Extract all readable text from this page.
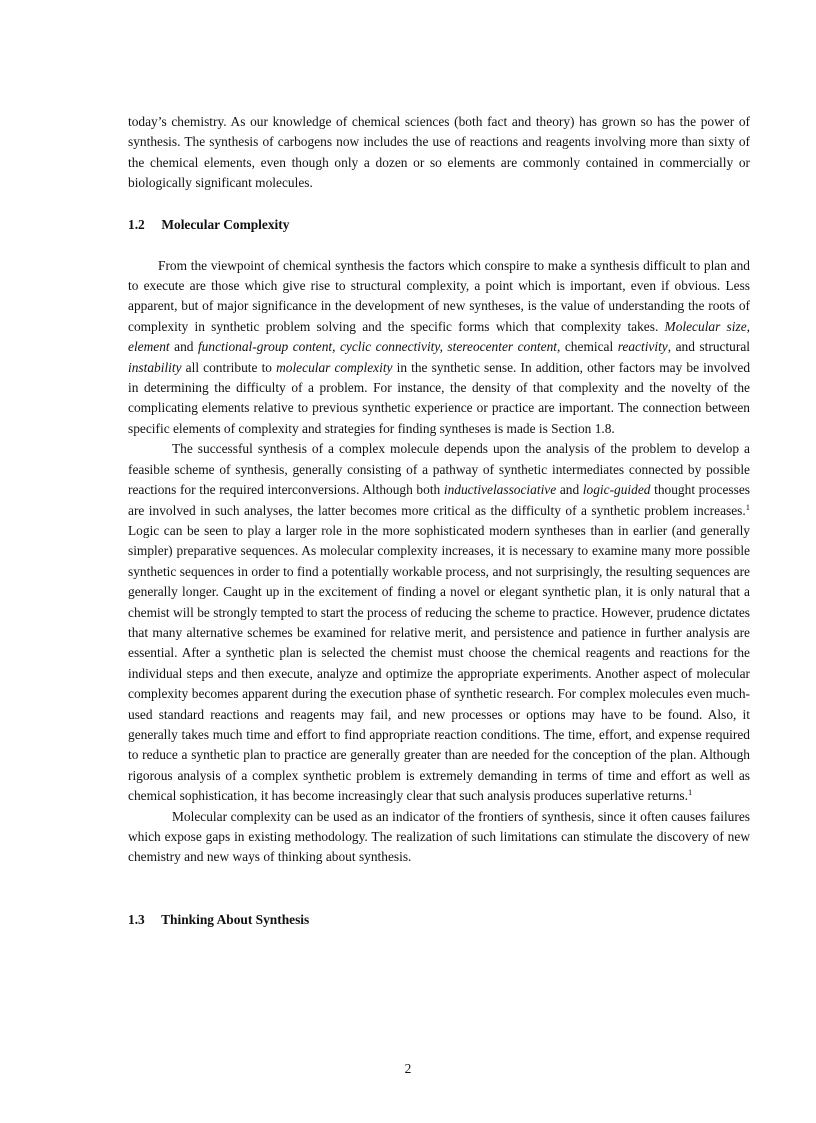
today’s chemistry. As our knowledge of chemical sciences (both fact and theory) has grown so has the power of synthesis. The synthesis of carbogens now includes the use of reactions and reagents involving more than sixty of the chemical elements, even though only a dozen or so elements are commonly contained in commercially or biologically significant molecules.

1.2 Molecular Complexity

From the viewpoint of chemical synthesis the factors which conspire to make a synthesis difficult to plan and to execute are those which give rise to structural complexity, a point which is important, even if obvious. Less apparent, but of major significance in the development of new syntheses, is the value of understanding the roots of complexity in synthetic problem solving and the specific forms which that complexity takes. Molecular size, element and functional-group content, cyclic connectivity, stereocenter content, chemical reactivity, and structural instability all contribute to molecular complexity in the synthetic sense. In addition, other factors may be involved in determining the difficulty of a problem. For instance, the density of that complexity and the novelty of the complicating elements relative to previous synthetic experience or practice are important. The connection between specific elements of complexity and strategies for finding syntheses is made is Section 1.8.

The successful synthesis of a complex molecule depends upon the analysis of the problem to develop a feasible scheme of synthesis, generally consisting of a pathway of synthetic intermediates connected by possible reactions for the required interconversions. Although both inductivelassociative and logic-guided thought processes are involved in such analyses, the latter becomes more critical as the difficulty of a synthetic problem increases.$^1$ Logic can be seen to play a larger role in the more sophisticated modern syntheses than in earlier (and generally simpler) preparative sequences. As molecular complexity increases, it is necessary to examine many more possible synthetic sequences in order to find a potentially workable process, and not surprisingly, the resulting sequences are generally longer. Caught up in the excitement of finding a novel or elegant synthetic plan, it is only natural that a chemist will be strongly tempted to start the process of reducing the scheme to practice. However, prudence dictates that many alternative schemes be examined for relative merit, and persistence and patience in further analysis are essential. After a synthetic plan is selected the chemist must choose the chemical reagents and reactions for the individual steps and then execute, analyze and optimize the appropriate experiments. Another aspect of molecular complexity becomes apparent during the execution phase of synthetic research. For complex molecules even much-used standard reactions and reagents may fail, and new processes or options may have to be found. Also, it generally takes much time and effort to find appropriate reaction conditions. The time, effort, and expense required to reduce a synthetic plan to practice are generally greater than are needed for the conception of the plan. Although rigorous analysis of a complex synthetic problem is extremely demanding in terms of time and effort as well as chemical sophistication, it has become increasingly clear that such analysis produces superlative returns.$^1$

Molecular complexity can be used as an indicator of the frontiers of synthesis, since it often causes failures which expose gaps in existing methodology. The realization of such limitations can stimulate the discovery of new chemistry and new ways of thinking about synthesis.

1.3 Thinking About Synthesis
2
